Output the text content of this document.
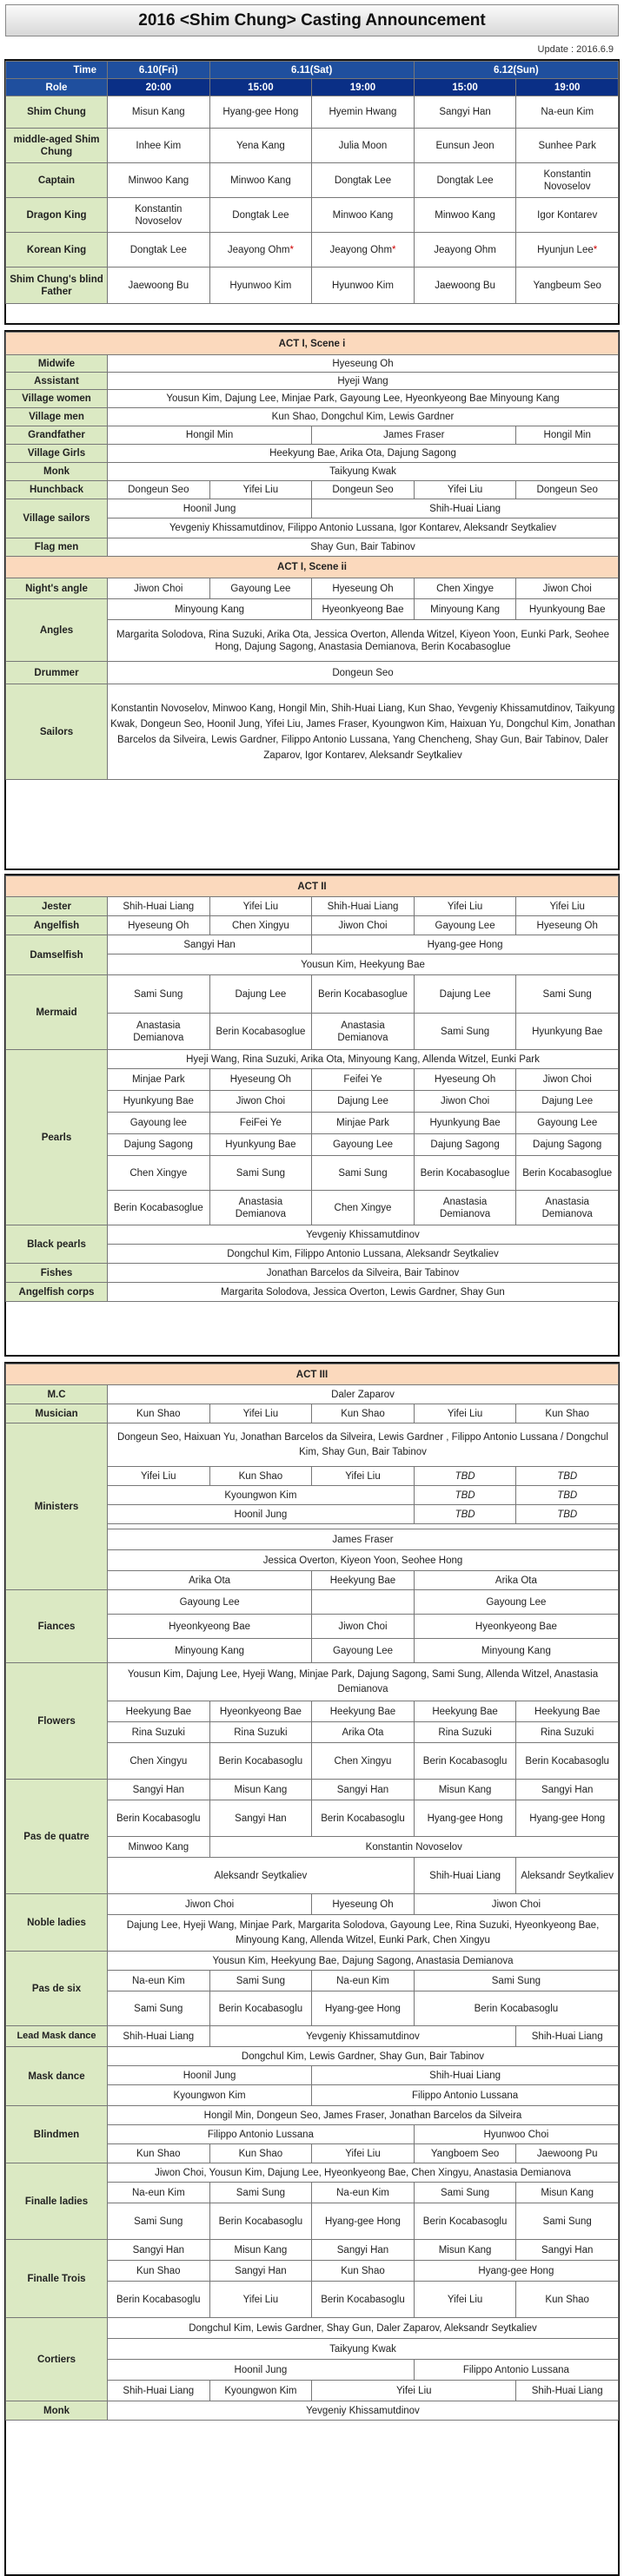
2016 <Shim Chung> Casting Announcement
Update : 2016.6.9
Time	6.10(Fri)	6.11(Sat)		6.12(Sun)	
Role	20:00	15:00	19:00	15:00	19:00
Shim Chung	Misun Kang	Hyang-gee Hong	Hyemin Hwang	Sangyi Han	Na-eun Kim
middle-aged Shim Chung	Inhee Kim	Yena Kang	Julia Moon	Eunsun Jeon	Sunhee Park
Captain	Minwoo Kang	Minwoo Kang	Dongtak Lee	Dongtak Lee	Konstantin Novoselov
Dragon King	Konstantin Novoselov	Dongtak Lee	Minwoo Kang	Minwoo Kang	Igor Kontarev
Korean King	Dongtak Lee	Jeayong Ohm*	Jeayong Ohm*	Jeayong Ohm	Hyunjun Lee*
Shim Chung's blind Father	Jaewoong Bu	Hyunwoo Kim	Hyunwoo Kim	Jaewoong Bu	Yangbeum Seo
ACT I, Scene i					
Midwife	Hyeseung Oh				
Assistant	Hyeji Wang				
Village women	Yousun Kim, Dajung Lee, Minjae Park, Gayoung Lee, Hyeonkyeong Bae Minyoung Kang				
Village men	Kun Shao, Dongchul Kim, Lewis Gardner				
Grandfather	Hongil Min		James Fraser		Hongil Min
Village Girls	Heekyung Bae, Arika Ota, Dajung Sagong				
Monk	Taikyung Kwak				
Hunchback	Dongeun Seo	Yifei Liu	Dongeun Seo	Yifei Liu	Dongeun Seo
Village sailors	Hoonil Jung		Shih-Huai Liang		
	Yevgeniy Khissamutdinov, Filippo Antonio Lussana, Igor Kontarev, Aleksandr Seytkaliev				
Flag men	Shay Gun, Bair Tabinov				
ACT I, Scene ii					
Night's angle	Jiwon Choi	Gayoung Lee	Hyeseung Oh	Chen Xingye	Jiwon Choi
Angles	Minyoung Kang		Hyeonkyeong Bae	Minyoung Kang	Hyunkyoung Bae
	Margarita Solodova, Rina Suzuki, Arika Ota, Jessica Overton, Allenda Witzel, Kiyeon Yoon, Eunki Park, Seohee Hong, Dajung Sagong, Anastasia Demianova, Berin Kocabasoglue				
Drummer	Dongeun Seo				
Sailors	Konstantin Novoselov, Minwoo Kang, Hongil Min, Shih-Huai Liang, Kun Shao, Yevgeniy Khissamutdinov, Taikyung Kwak, Dongeun Seo, Hoonil Jung, Yifei Liu, James Fraser, Kyoungwon Kim, Haixuan Yu, Dongchul Kim, Jonathan Barcelos da Silveira, Lewis Gardner, Filippo Antonio Lussana, Yang Chencheng, Shay Gun, Bair Tabinov, Daler Zaparov, Igor Kontarev, Aleksandr Seytkaliev				
ACT II					
Jester	Shih-Huai Liang	Yifei Liu	Shih-Huai Liang	Yifei Liu	Yifei Liu
Angelfish	Hyeseung Oh	Chen Xingyu	Jiwon Choi	Gayoung Lee	Hyeseung Oh
Damselfish	Sangyi Han		Hyang-gee Hong		
	Yousun Kim, Heekyung Bae				
Mermaid	Sami Sung	Dajung Lee	Berin Kocabasoglue	Dajung Lee	Sami Sung
	Anastasia Demianova	Berin Kocabasoglue	Anastasia Demianova	Sami Sung	Hyunkyung Bae
Pearls	Hyeji Wang, Rina Suzuki, Arika Ota, Minyoung Kang, Allenda Witzel, Eunki Park				
	Minjae Park	Hyeseung Oh	Feifei Ye	Hyeseung Oh	Jiwon Choi
	Hyunkyung Bae	Jiwon Choi	Dajung Lee	Jiwon Choi	Dajung Lee
	Gayoung lee	FeiFei Ye	Minjae Park	Hyunkyung Bae	Gayoung Lee
	Dajung Sagong	Hyunkyung Bae	Gayoung Lee	Dajung Sagong	Dajung Sagong
	Chen Xingye	Sami Sung	Sami Sung	Berin Kocabasoglue	Berin Kocabasoglue
	Berin Kocabasoglue	Anastasia Demianova	Chen Xingye	Anastasia Demianova	Anastasia Demianova
Black pearls	Yevgeniy Khissamutdinov				
	Dongchul Kim, Filippo Antonio Lussana, Aleksandr Seytkaliev				
Fishes	Jonathan Barcelos da Silveira, Bair Tabinov				
Angelfish corps	Margarita Solodova, Jessica Overton, Lewis Gardner, Shay Gun				
ACT III					
M.C	Daler Zaparov				
Musician	Kun Shao	Yifei Liu	Kun Shao	Yifei Liu	Kun Shao
Ministers	Dongeun Seo, Haixuan Yu, Jonathan Barcelos da Silveira, Lewis Gardner , Filippo Antonio Lussana / Dongchul Kim, Shay Gun, Bair Tabinov				
	Yifei Liu	Kun Shao	Yifei Liu	TBD	TBD
	Kyoungwon Kim			TBD	TBD
	Hoonil Jung			TBD	TBD

	James Fraser				
	Jessica Overton, Kiyeon Yoon, Seohee Hong				
	Arika Ota		Heekyung Bae	Arika Ota	
Fiances	Gayoung Lee			Gayoung Lee	
	Hyeonkyeong Bae		Jiwon Choi	Hyeonkyeong Bae	
	Minyoung Kang		Gayoung Lee	Minyoung Kang	
Flowers	Yousun Kim, Dajung Lee, Hyeji Wang, Minjae Park, Dajung Sagong, Sami Sung, Allenda Witzel, Anastasia Demianova				
	Heekyung Bae	Hyeonkyeong Bae	Heekyung Bae	Heekyung Bae	Heekyung Bae
	Rina Suzuki	Rina Suzuki	Arika Ota	Rina Suzuki	Rina Suzuki
	Chen Xingyu	Berin Kocabasoglu	Chen Xingyu	Berin Kocabasoglu	Berin Kocabasoglu
Pas de quatre	Sangyi Han	Misun Kang	Sangyi Han	Misun Kang	Sangyi Han
	Berin Kocabasoglu	Sangyi Han	Berin Kocabasoglu	Hyang-gee Hong	Hyang-gee Hong
	Minwoo Kang	Konstantin Novoselov			
	Aleksandr Seytkaliev			Shih-Huai Liang	Aleksandr Seytkaliev
Noble ladies	Jiwon Choi		Hyeseung Oh	Jiwon Choi	
	Dajung Lee, Hyeji Wang, Minjae Park, Margarita Solodova, Gayoung Lee, Rina Suzuki, Hyeonkyeong Bae, Minyoung Kang, Allenda Witzel, Eunki Park, Chen Xingyu				
Pas de six	Yousun Kim, Heekyung Bae, Dajung Sagong, Anastasia Demianova				
	Na-eun Kim	Sami Sung	Na-eun Kim	Sami Sung	
	Sami Sung	Berin Kocabasoglu	Hyang-gee Hong	Berin Kocabasoglu	
Lead Mask dance	Shih-Huai Liang	Yevgeniy Khissamutdinov			Shih-Huai Liang
Mask dance	Dongchul Kim, Lewis Gardner, Shay Gun, Bair Tabinov				
	Hoonil Jung		Shih-Huai Liang		
	Kyoungwon Kim		Filippo Antonio Lussana		
Blindmen	Hongil Min, Dongeun Seo, James Fraser, Jonathan Barcelos da Silveira				
	Filippo Antonio Lussana			Hyunwoo Choi	
	Kun Shao	Kun Shao	Yifei Liu	Yangboem Seo	Jaewoong Pu
Finalle ladies	Jiwon Choi, Yousun Kim, Dajung Lee, Hyeonkyeong Bae, Chen Xingyu, Anastasia Demianova				
	Na-eun Kim	Sami Sung	Na-eun Kim	Sami Sung	Misun Kang
	Sami Sung	Berin Kocabasoglu	Hyang-gee Hong	Berin Kocabasoglu	Sami Sung
Finalle Trois	Sangyi Han	Misun Kang	Sangyi Han	Misun Kang	Sangyi Han
	Kun Shao	Sangyi Han	Kun Shao	Hyang-gee Hong	
	Berin Kocabasoglu	Yifei Liu	Berin Kocabasoglu	Yifei Liu	Kun Shao
Cortiers	Dongchul Kim, Lewis Gardner, Shay Gun, Daler Zaparov, Aleksandr Seytkaliev				
	Taikyung Kwak				
	Hoonil Jung			Filippo Antonio Lussana	
	Shih-Huai Liang	Kyoungwon Kim	Yifei Liu		Shih-Huai Liang
Monk	Yevgeniy Khissamutdinov				
